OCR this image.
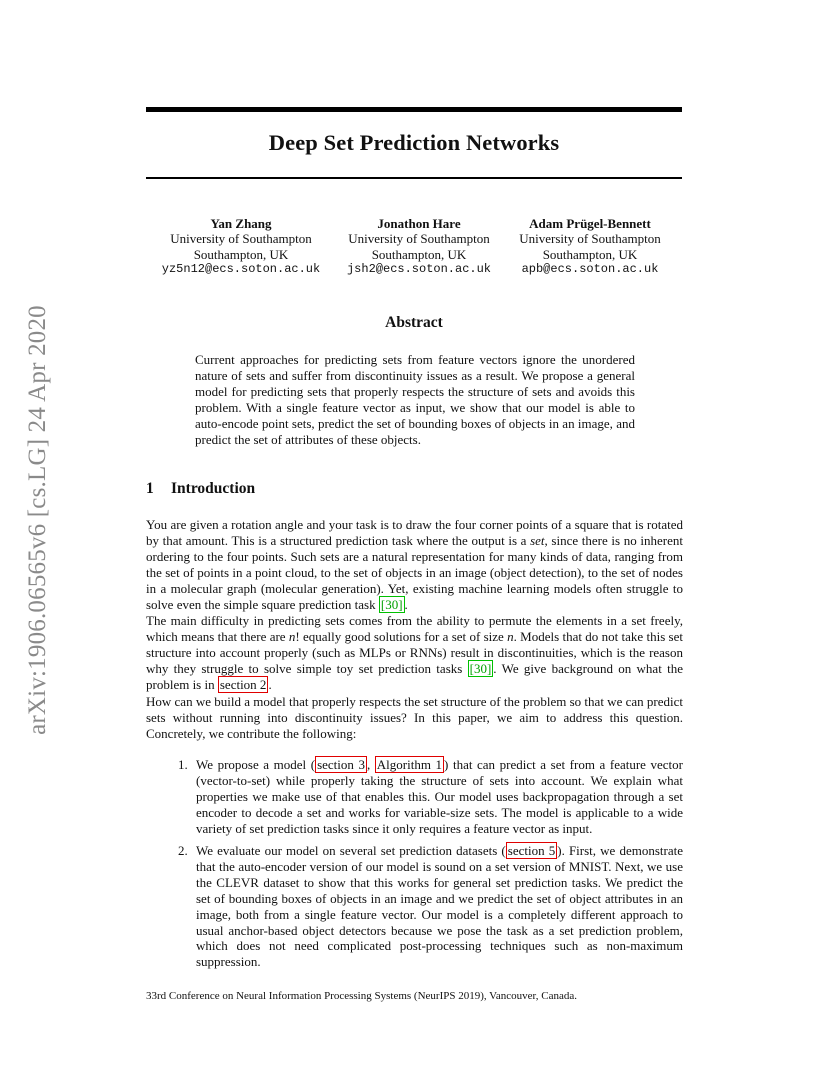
arXiv:1906.06565v6 [cs.LG] 24 Apr 2020
Deep Set Prediction Networks
Yan Zhang
University of Southampton
Southampton, UK
yz5n12@ecs.soton.ac.uk
Jonathon Hare
University of Southampton
Southampton, UK
jsh2@ecs.soton.ac.uk
Adam Prügel-Bennett
University of Southampton
Southampton, UK
apb@ecs.soton.ac.uk
Abstract
Current approaches for predicting sets from feature vectors ignore the unordered nature of sets and suffer from discontinuity issues as a result. We propose a general model for predicting sets that properly respects the structure of sets and avoids this problem. With a single feature vector as input, we show that our model is able to auto-encode point sets, predict the set of bounding boxes of objects in an image, and predict the set of attributes of these objects.
1 Introduction
You are given a rotation angle and your task is to draw the four corner points of a square that is rotated by that amount. This is a structured prediction task where the output is a set, since there is no inherent ordering to the four points. Such sets are a natural representation for many kinds of data, ranging from the set of points in a point cloud, to the set of objects in an image (object detection), to the set of nodes in a molecular graph (molecular generation). Yet, existing machine learning models often struggle to solve even the simple square prediction task [30] .
The main difficulty in predicting sets comes from the ability to permute the elements in a set freely, which means that there are n! equally good solutions for a set of size n. Models that do not take this set structure into account properly (such as MLPs or RNNs) result in discontinuities, which is the reason why they struggle to solve simple toy set prediction tasks [30] . We give background on what the problem is in section 2 .
How can we build a model that properly respects the set structure of the problem so that we can predict sets without running into discontinuity issues? In this paper, we aim to address this question. Concretely, we contribute the following:
1. We propose a model ( section 3 , Algorithm 1 ) that can predict a set from a feature vector (vector-to-set) while properly taking the structure of sets into account. We explain what properties we make use of that enables this. Our model uses backpropagation through a set encoder to decode a set and works for variable-size sets. The model is applicable to a wide variety of set prediction tasks since it only requires a feature vector as input.
2. We evaluate our model on several set prediction datasets ( section 5 ). First, we demonstrate that the auto-encoder version of our model is sound on a set version of MNIST. Next, we use the CLEVR dataset to show that this works for general set prediction tasks. We predict the set of bounding boxes of objects in an image and we predict the set of object attributes in an image, both from a single feature vector. Our model is a completely different approach to usual anchor-based object detectors because we pose the task as a set prediction problem, which does not need complicated post-processing techniques such as non-maximum suppression.
33rd Conference on Neural Information Processing Systems (NeurIPS 2019), Vancouver, Canada.
